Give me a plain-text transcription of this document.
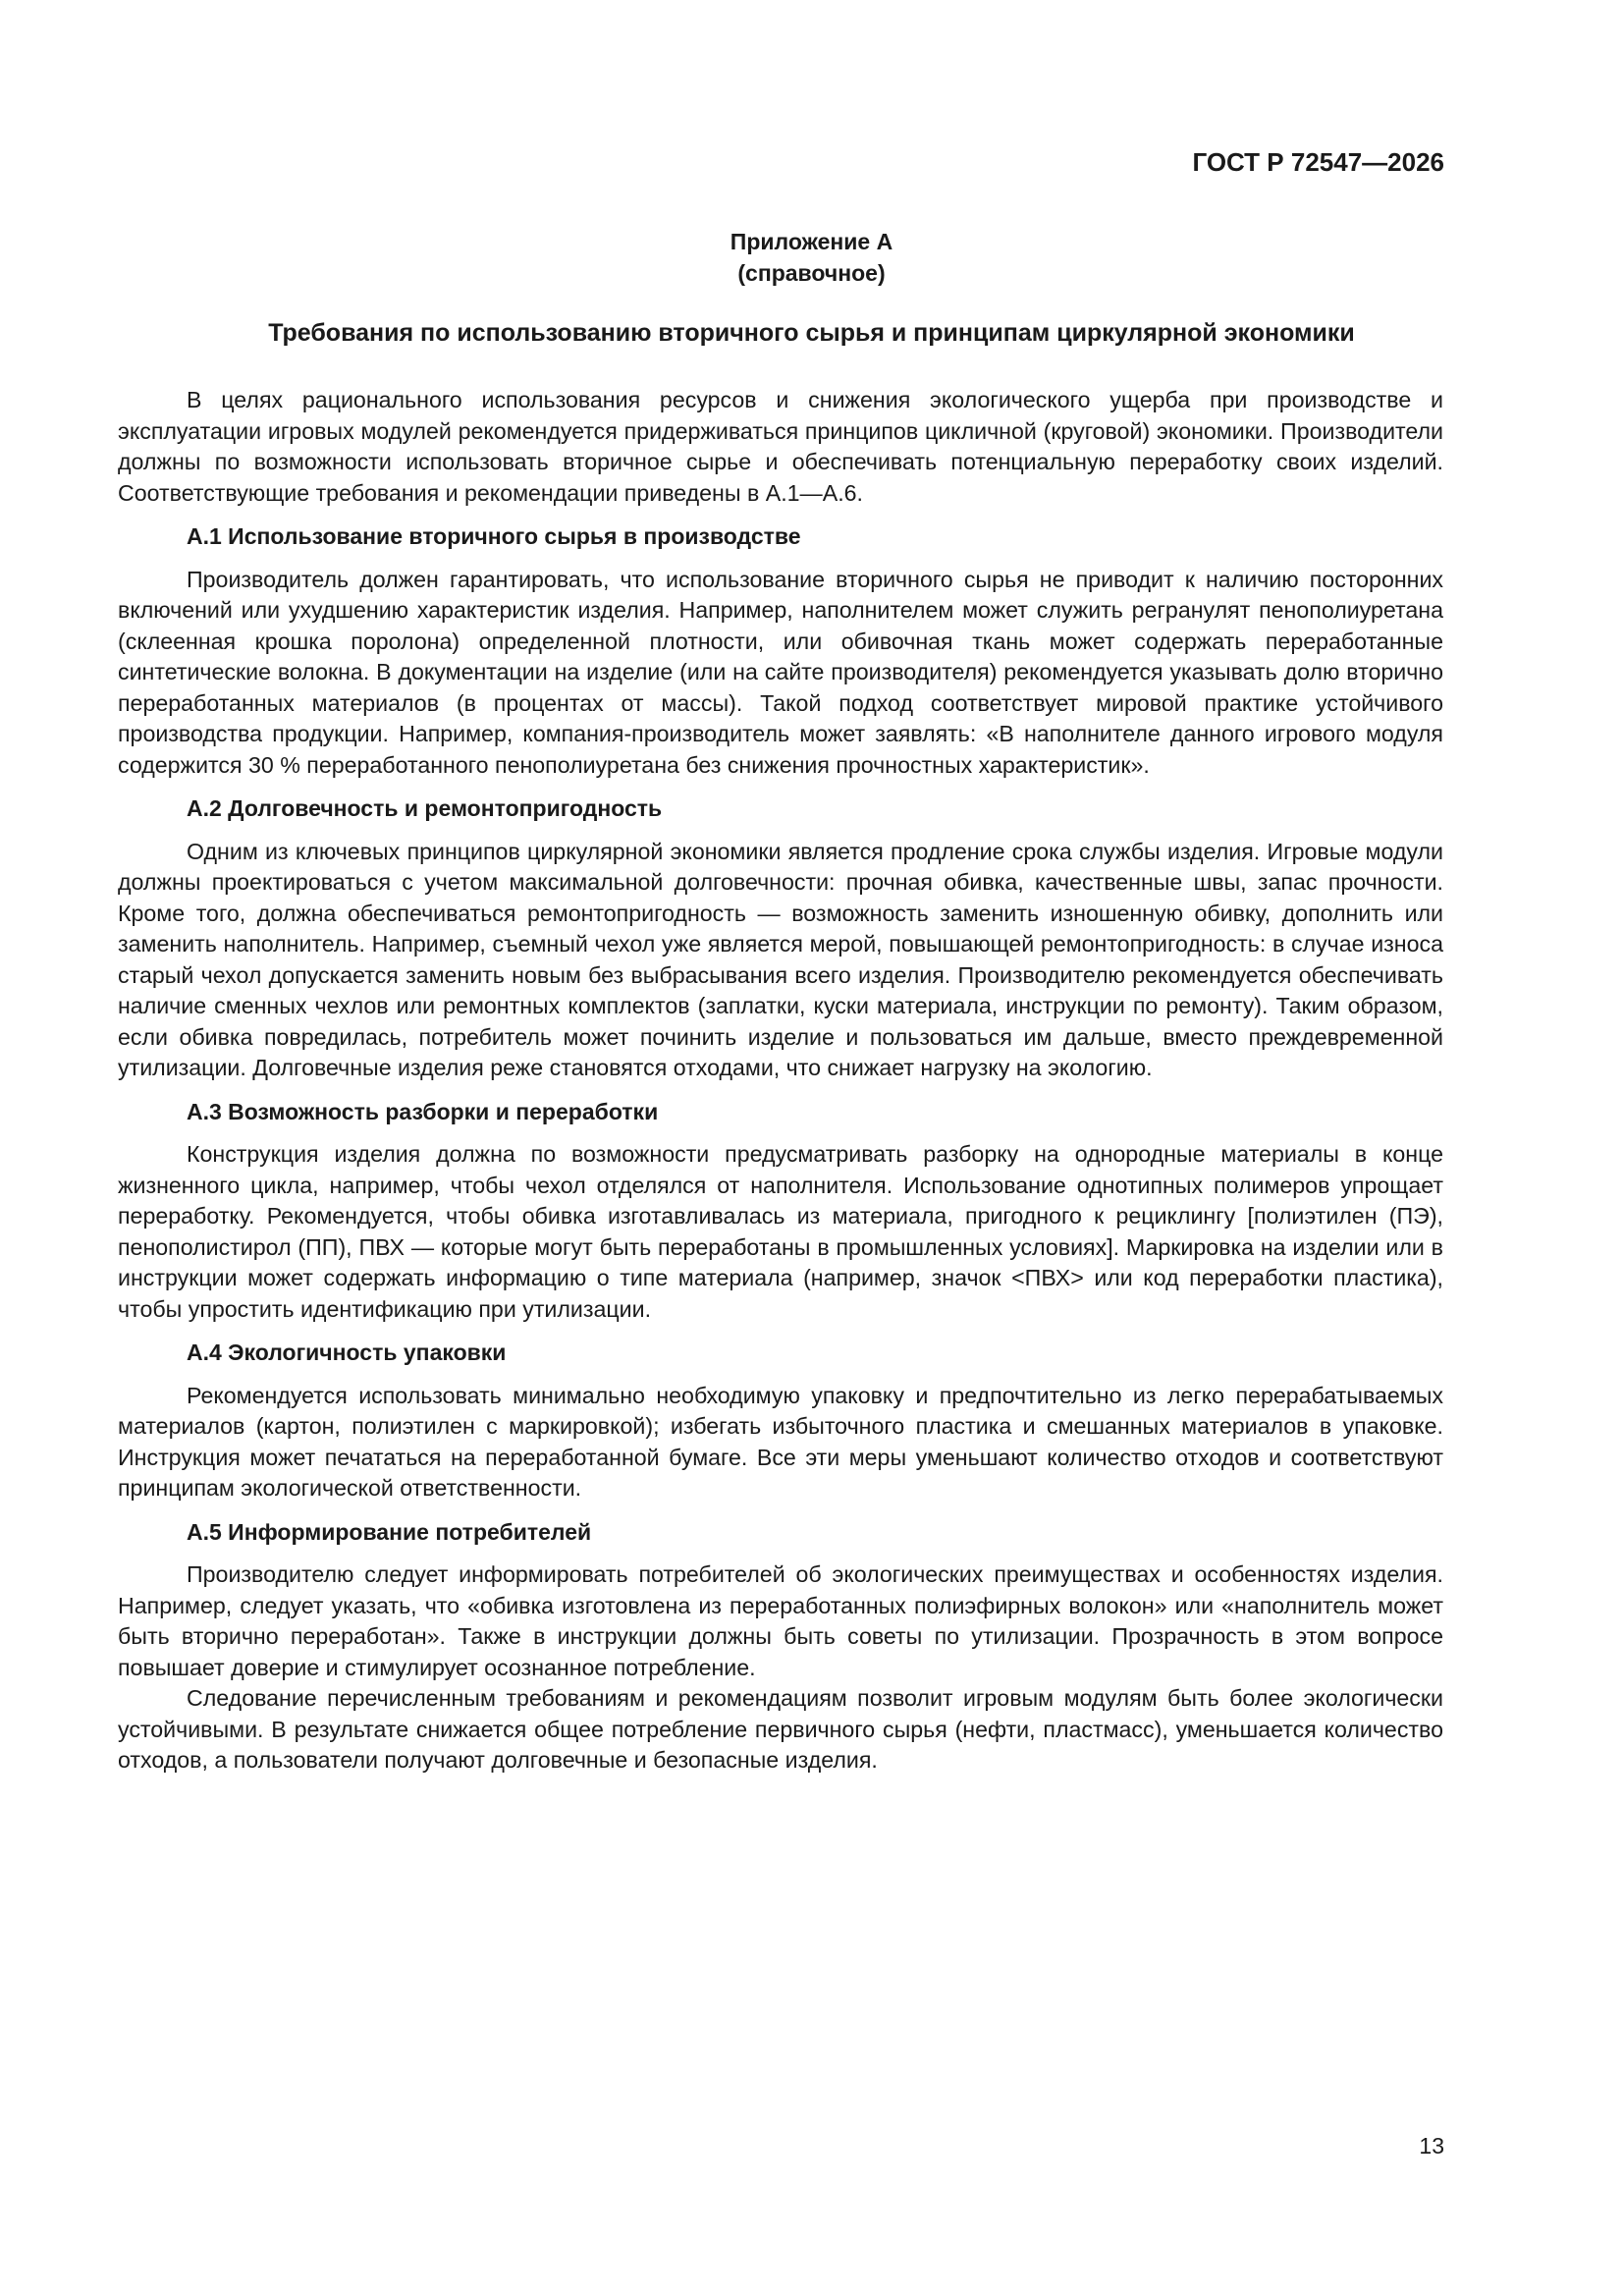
ГОСТ Р 72547—2026
Приложение А
(справочное)
Требования по использованию вторичного сырья и принципам циркулярной экономики

В целях рационального использования ресурсов и снижения экологического ущерба при производстве и эксплуатации игровых модулей рекомендуется придерживаться принципов цикличной (круговой) экономики. Производители должны по возможности использовать вторичное сырье и обеспечивать потенциальную переработку своих изделий. Соответствующие требования и рекомендации приведены в А.1—А.6.

А.1 Использование вторичного сырья в производстве

Производитель должен гарантировать, что использование вторичного сырья не приводит к наличию посторонних включений или ухудшению характеристик изделия. Например, наполнителем может служить регранулят пенополиуретана (склеенная крошка поролона) определенной плотности, или обивочная ткань может содержать переработанные синтетические волокна. В документации на изделие (или на сайте производителя) рекомендуется указывать долю вторично переработанных материалов (в процентах от массы). Такой подход соответствует мировой практике устойчивого производства продукции. Например, компания-производитель может заявлять: «В наполнителе данного игрового модуля содержится 30 % переработанного пенополиуретана без снижения прочностных характеристик».

А.2 Долговечность и ремонтопригодность

Одним из ключевых принципов циркулярной экономики является продление срока службы изделия. Игровые модули должны проектироваться с учетом максимальной долговечности: прочная обивка, качественные швы, запас прочности. Кроме того, должна обеспечиваться ремонтопригодность — возможность заменить изношенную обивку, дополнить или заменить наполнитель. Например, съемный чехол уже является мерой, повышающей ремонтопригодность: в случае износа старый чехол допускается заменить новым без выбрасывания всего изделия. Производителю рекомендуется обеспечивать наличие сменных чехлов или ремонтных комплектов (заплатки, куски материала, инструкции по ремонту). Таким образом, если обивка повредилась, потребитель может починить изделие и пользоваться им дальше, вместо преждевременной утилизации. Долговечные изделия реже становятся отходами, что снижает нагрузку на экологию.

А.3 Возможность разборки и переработки

Конструкция изделия должна по возможности предусматривать разборку на однородные материалы в конце жизненного цикла, например, чтобы чехол отделялся от наполнителя. Использование однотипных полимеров упрощает переработку. Рекомендуется, чтобы обивка изготавливалась из материала, пригодного к рециклингу [полиэтилен (ПЭ), пенополистирол (ПП), ПВХ — которые могут быть переработаны в промышленных условиях]. Маркировка на изделии или в инструкции может содержать информацию о типе материала (например, значок <ПВХ> или код переработки пластика), чтобы упростить идентификацию при утилизации.

А.4 Экологичность упаковки

Рекомендуется использовать минимально необходимую упаковку и предпочтительно из легко перерабатываемых материалов (картон, полиэтилен с маркировкой); избегать избыточного пластика и смешанных материалов в упаковке. Инструкция может печататься на переработанной бумаге. Все эти меры уменьшают количество отходов и соответствуют принципам экологической ответственности.

А.5 Информирование потребителей

Производителю следует информировать потребителей об экологических преимуществах и особенностях изделия. Например, следует указать, что «обивка изготовлена из переработанных полиэфирных волокон» или «наполнитель может быть вторично переработан». Также в инструкции должны быть советы по утилизации. Прозрачность в этом вопросе повышает доверие и стимулирует осознанное потребление.

Следование перечисленным требованиям и рекомендациям позволит игровым модулям быть более экологически устойчивыми. В результате снижается общее потребление первичного сырья (нефти, пластмасс), уменьшается количество отходов, а пользователи получают долговечные и безопасные изделия.

13
